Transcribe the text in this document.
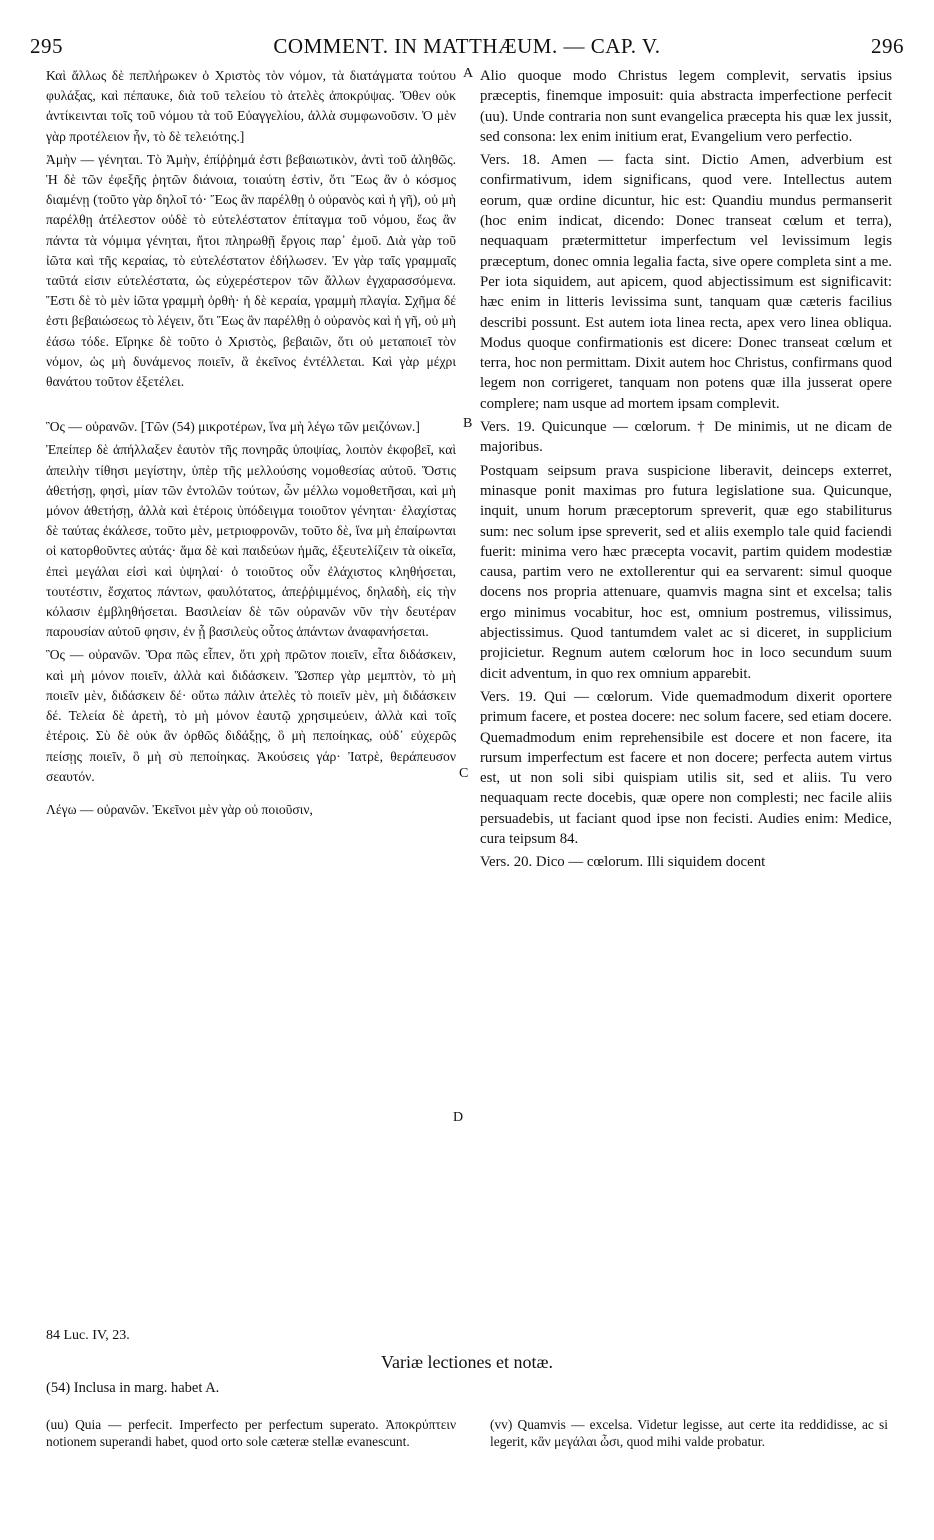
295	COMMENT. IN MATTHÆUM. — CAP. V.	296

Καὶ ἄλλως δὲ πεπλήρωκεν ὁ Χριστὸς τὸν νόμον, τὰ διατάγματα τούτου φυλάξας, καὶ πέπαυκε, διὰ τοῦ τελείου τὸ ἀτελὲς ἀποκρύψας. Ὅθεν οὐκ ἀντίκεινται τοῖς τοῦ νόμου τὰ τοῦ Εὐαγγελίου, ἀλλὰ συμφωνοῦσιν. Ὁ μὲν γὰρ προτέλειον ἦν, τὸ δὲ τελειότης.]

Ἀμὴν — γένηται. Τὸ Ἀμὴν, ἐπίῤῥημά ἐστι βεβαιωτικὸν, ἀντὶ τοῦ ἀληθῶς. Ἡ δὲ τῶν ἐφεξῆς ῥητῶν διάνοια, τοιαύτη ἐστὶν, ὅτι Ἕως ἂν ὁ κόσμος διαμένῃ (τοῦτο γὰρ δηλοῖ τό· Ἕως ἂν παρέλθῃ ὁ οὐρανὸς καὶ ἡ γῆ), οὐ μὴ παρέλθῃ ἀτέλεστον οὐδὲ τὸ εὐτελέστατον ἐπίταγμα τοῦ νόμου, ἕως ἂν πάντα τὰ νόμιμα γένηται, ἤτοι πληρωθῇ ἔργοις παρ᾽ ἐμοῦ. Διὰ γὰρ τοῦ ἰῶτα καὶ τῆς κεραίας, τὸ εὐτελέστατον ἐδήλωσεν. Ἐν γὰρ ταῖς γραμμαῖς ταῦτά εἰσιν εὐτελέστατα, ὡς εὐχερέστερον τῶν ἄλλων ἐγχαρασσόμενα. Ἔστι δὲ τὸ μὲν ἰῶτα γραμμὴ ὀρθὴ· ἡ δὲ κεραία, γραμμὴ πλαγία. Σχῆμα δέ ἐστι βεβαιώσεως τὸ λέγειν, ὅτι Ἕως ἂν παρέλθῃ ὁ οὐρανὸς καὶ ἡ γῆ, οὐ μὴ ἐάσω τόδε. Εἴρηκε δὲ τοῦτο ὁ Χριστὸς, βεβαιῶν, ὅτι οὐ μεταποιεῖ τὸν νόμον, ὡς μὴ δυνάμενος ποιεῖν, ἃ ἐκεῖνος ἐντέλλεται. Καὶ γὰρ μέχρι θανάτου τοῦτον ἐξετέλει.

Ὃς — οὐρανῶν. [Τῶν (54) μικροτέρων, ἵνα μὴ λέγω τῶν μειζόνων.]

Ἐπείπερ δὲ ἀπήλλαξεν ἑαυτὸν τῆς πονηρᾶς ὑποψίας, λοιπὸν ἐκφοβεῖ, καὶ ἀπειλὴν τίθησι μεγίστην, ὑπὲρ τῆς μελλούσης νομοθεσίας αὐτοῦ. Ὅστις ἀθετήσῃ, φησὶ, μίαν τῶν ἐντολῶν τούτων, ὧν μέλλω νομοθετῆσαι, καὶ μὴ μόνον ἀθετήσῃ, ἀλλὰ καὶ ἑτέροις ὑπόδειγμα τοιοῦτον γένηται· ἐλαχίστας δὲ ταύτας ἐκάλεσε, τοῦτο μὲν, μετριοφρονῶν, τοῦτο δὲ, ἵνα μὴ ἐπαίρωνται οἱ κατορθοῦντες αὐτάς· ἅμα δὲ καὶ παιδεύων ἡμᾶς, ἐξευτελίζειν τὰ οἰκεῖα, ἐπεὶ μεγάλαι εἰσὶ καὶ ὑψηλαί· ὁ τοιοῦτος οὖν ἐλάχιστος κληθήσεται, τουτέστιν, ἔσχατος πάντων, φαυλότατος, ἀπεῤῥιμμένος, δηλαδὴ, εἰς τὴν κόλασιν ἐμβληθήσεται. Βασιλείαν δὲ τῶν οὐρανῶν νῦν τὴν δευτέραν παρουσίαν αὐτοῦ φησιν, ἐν ᾗ βασιλεὺς οὗτος ἁπάντων ἀναφανήσεται.

Ὃς — οὐρανῶν. Ὅρα πῶς εἶπεν, ὅτι χρὴ πρῶτον ποιεῖν, εἶτα διδάσκειν, καὶ μὴ μόνον ποιεῖν, ἀλλὰ καὶ διδάσκειν. Ὥσπερ γὰρ μεμπτὸν, τὸ μὴ ποιεῖν μὲν, διδάσκειν δέ· οὕτω πάλιν ἀτελὲς τὸ ποιεῖν μὲν, μὴ διδάσκειν δέ. Τελεία δὲ ἀρετὴ, τὸ μὴ μόνον ἑαυτῷ χρησιμεύειν, ἀλλὰ καὶ τοῖς ἑτέροις. Σὺ δὲ οὐκ ἂν ὀρθῶς διδάξῃς, ὃ μὴ πεποίηκας, οὐδ᾽ εὐχερῶς πείσῃς ποιεῖν, ὃ μὴ σὺ πεποίηκας. Ἀκούσεις γάρ· Ἰατρὲ, θεράπευσον σεαυτόν.

Λέγω — οὐρανῶν. Ἐκεῖνοι μὲν γὰρ οὐ ποιοῦσιν,

A
B
C
D

Alio quoque modo Christus legem complevit, servatis ipsius præceptis, finemque imposuit: quia abstracta imperfectione perfecit (uu). Unde contraria non sunt evangelica præcepta his quæ lex jussit, sed consona: lex enim initium erat, Evangelium vero perfectio.

Vers. 18. Amen — facta sint. Dictio Amen, adverbium est confirmativum, idem significans, quod vere. Intellectus autem eorum, quæ ordine dicuntur, hic est: Quandiu mundus permanserit (hoc enim indicat, dicendo: Donec transeat cœlum et terra), nequaquam prætermittetur imperfectum vel levissimum legis præceptum, donec omnia legalia facta, sive opere completa sint a me. Per iota siquidem, aut apicem, quod abjectissimum est significavit: hæc enim in litteris levissima sunt, tanquam quæ cæteris facilius describi possunt. Est autem iota linea recta, apex vero linea obliqua. Modus quoque confirmationis est dicere: Donec transeat cœlum et terra, hoc non permittam. Dixit autem hoc Christus, confirmans quod legem non corrigeret, tanquam non potens quæ illa jusserat opere complere; nam usque ad mortem ipsam complevit.

Vers. 19. Quicunque — cœlorum. † De minimis, ut ne dicam de majoribus.

Postquam seipsum prava suspicione liberavit, deinceps exterret, minasque ponit maximas pro futura legislatione sua. Quicunque, inquit, unum horum præceptorum spreverit, quæ ego stabiliturus sum: nec solum ipse spreverit, sed et aliis exemplo tale quid faciendi fuerit: minima vero hæc præcepta vocavit, partim quidem modestiæ causa, partim vero ne extollerentur qui ea servarent: simul quoque docens nos propria attenuare, quamvis magna sint et excelsa; talis ergo minimus vocabitur, hoc est, omnium postremus, vilissimus, abjectissimus. Quod tantumdem valet ac si diceret, in supplicium projicietur. Regnum autem cœlorum hoc in loco secundum suum dicit adventum, in quo rex omnium apparebit.

Vers. 19. Qui — cœlorum. Vide quemadmodum dixerit oportere primum facere, et postea docere: nec solum facere, sed etiam docere. Quemadmodum enim reprehensibile est docere et non facere, ita rursum imperfectum est facere et non docere; perfecta autem virtus est, ut non soli sibi quispiam utilis sit, sed et aliis. Tu vero nequaquam recte docebis, quæ opere non complesti; nec facile aliis persuadebis, ut faciant quod ipse non fecisti. Audies enim: Medice, cura teipsum 84.

Vers. 20. Dico — cœlorum. Illi siquidem docent

84 Luc. IV, 23.
Variæ lectiones et notæ.
(54) Inclusa in marg. habet A.
(uu) Quia — perfecit. Imperfecto per perfectum superato. Ἀποκρύπτειν notionem superandi habet, quod orto sole cæteræ stellæ evanescunt.
(vv) Quamvis — excelsa. Videtur legisse, aut certe ita reddidisse, ac si legerit, κἂν μεγάλαι ὦσι, quod mihi valde probatur.
